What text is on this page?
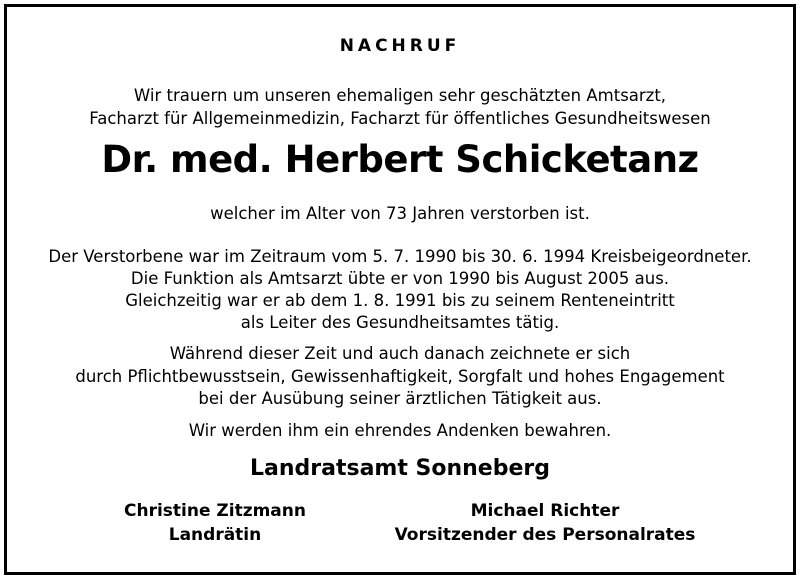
NACHRUF
Wir trauern um unseren ehemaligen sehr geschätzten Amtsarzt,
Facharzt für Allgemeinmedizin, Facharzt für öffentliches Gesundheitswesen
Dr. med. Herbert Schicketanz
welcher im Alter von 73 Jahren verstorben ist.
Der Verstorbene war im Zeitraum vom 5. 7. 1990 bis 30. 6. 1994 Kreisbeigeordneter.
Die Funktion als Amtsarzt übte er von 1990 bis August 2005 aus.
Gleichzeitig war er ab dem 1. 8. 1991 bis zu seinem Renteneintritt
als Leiter des Gesundheitsamtes tätig.
Während dieser Zeit und auch danach zeichnete er sich
durch Pflichtbewusstsein, Gewissenhaftigkeit, Sorgfalt und hohes Engagement
bei der Ausübung seiner ärztlichen Tätigkeit aus.
Wir werden ihm ein ehrendes Andenken bewahren.
Landratsamt Sonneberg
Christine Zitzmann
Landrätin
Michael Richter
Vorsitzender des Personalrates
